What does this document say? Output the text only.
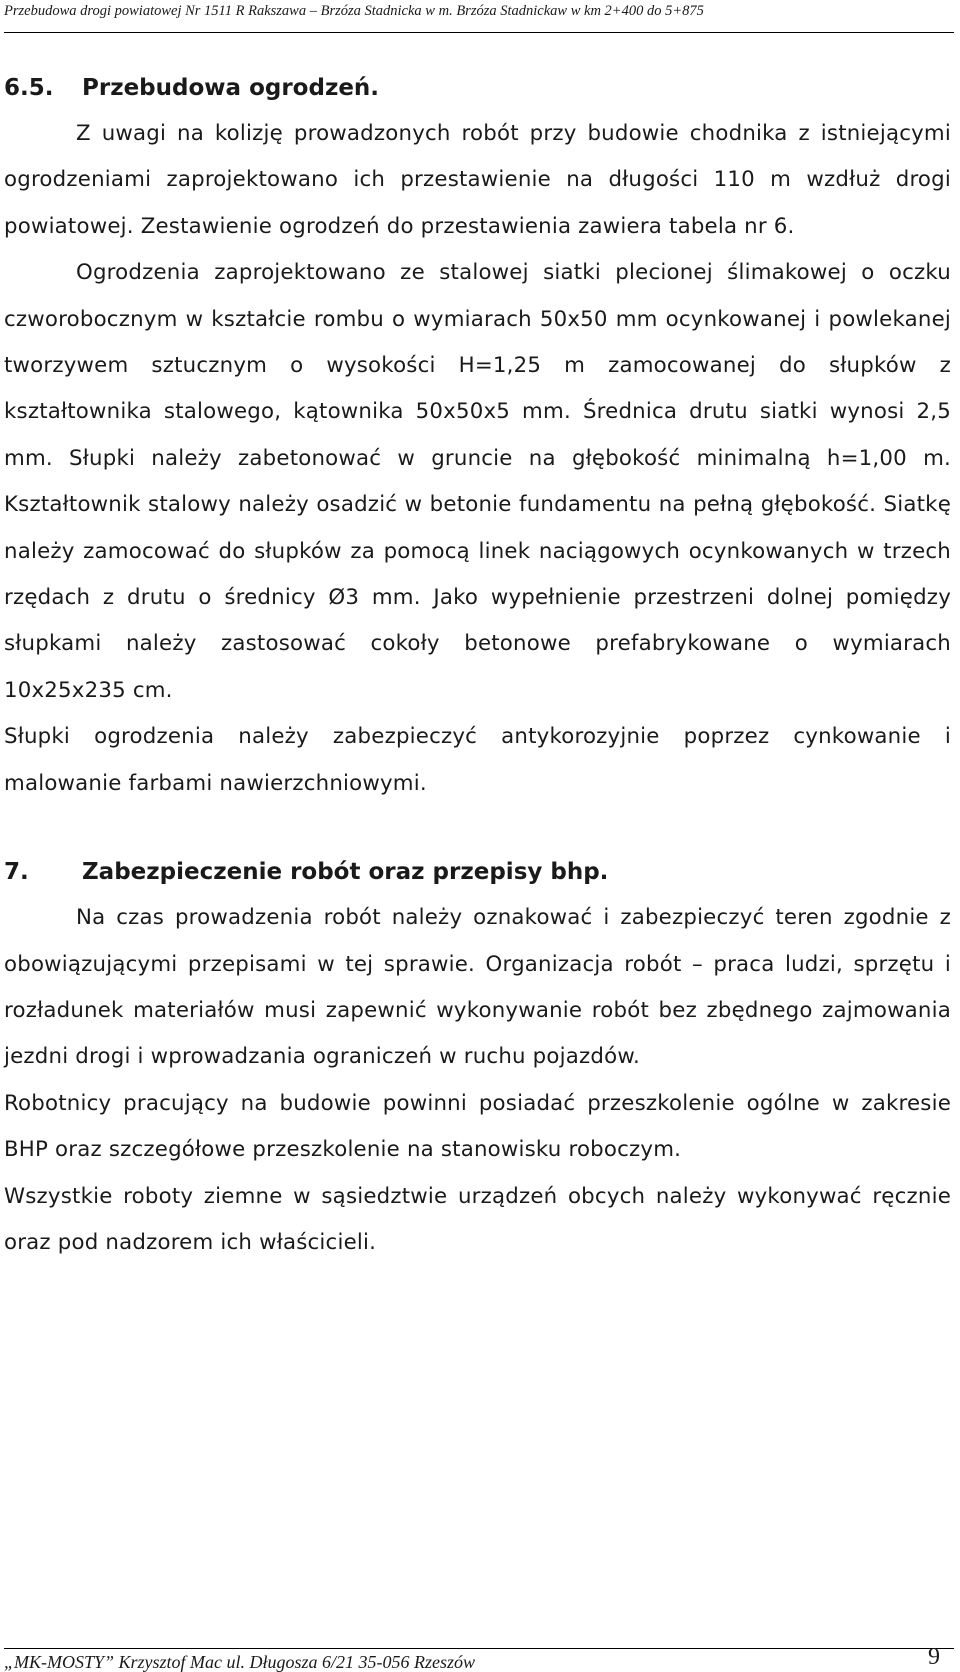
Przebudowa drogi powiatowej Nr 1511 R Rakszawa – Brzóza Stadnicka w m. Brzóza Stadnickaw w km 2+400 do 5+875
6.5. Przebudowa ogrodzeń.

Z uwagi na kolizję prowadzonych robót przy budowie chodnika z istniejącymi ogrodzeniami zaprojektowano ich przestawienie na długości 110 m wzdłuż drogi powiatowej. Zestawienie ogrodzeń do przestawienia zawiera tabela nr 6.

Ogrodzenia zaprojektowano ze stalowej siatki plecionej ślimakowej o oczku czworobocznym w kształcie rombu o wymiarach 50x50 mm ocynkowanej i powlekanej tworzywem sztucznym o wysokości H=1,25 m zamocowanej do słupków z kształtownika stalowego, kątownika 50x50x5 mm. Średnica drutu siatki wynosi 2,5 mm. Słupki należy zabetonować w gruncie na głębokość minimalną h=1,00 m. Kształtownik stalowy należy osadzić w betonie fundamentu na pełną głębokość. Siatkę należy zamocować do słupków za pomocą linek naciągowych ocynkowanych w trzech rzędach z drutu o średnicy Ø3 mm. Jako wypełnienie przestrzeni dolnej pomiędzy słupkami należy zastosować cokoły betonowe prefabrykowane o wymiarach 10x25x235 cm.

Słupki ogrodzenia należy zabezpieczyć antykorozyjnie poprzez cynkowanie i malowanie farbami nawierzchniowymi.

7. Zabezpieczenie robót oraz przepisy bhp.

Na czas prowadzenia robót należy oznakować i zabezpieczyć teren zgodnie z obowiązującymi przepisami w tej sprawie. Organizacja robót – praca ludzi, sprzętu i rozładunek materiałów musi zapewnić wykonywanie robót bez zbędnego zajmowania jezdni drogi i wprowadzania ograniczeń w ruchu pojazdów.

Robotnicy pracujący na budowie powinni posiadać przeszkolenie ogólne w zakresie BHP oraz szczegółowe przeszkolenie na stanowisku roboczym.

Wszystkie roboty ziemne w sąsiedztwie urządzeń obcych należy wykonywać ręcznie oraz pod nadzorem ich właścicieli.

„MK-MOSTY” Krzysztof Mac ul. Długosza 6/21 35-056 Rzeszów	9
